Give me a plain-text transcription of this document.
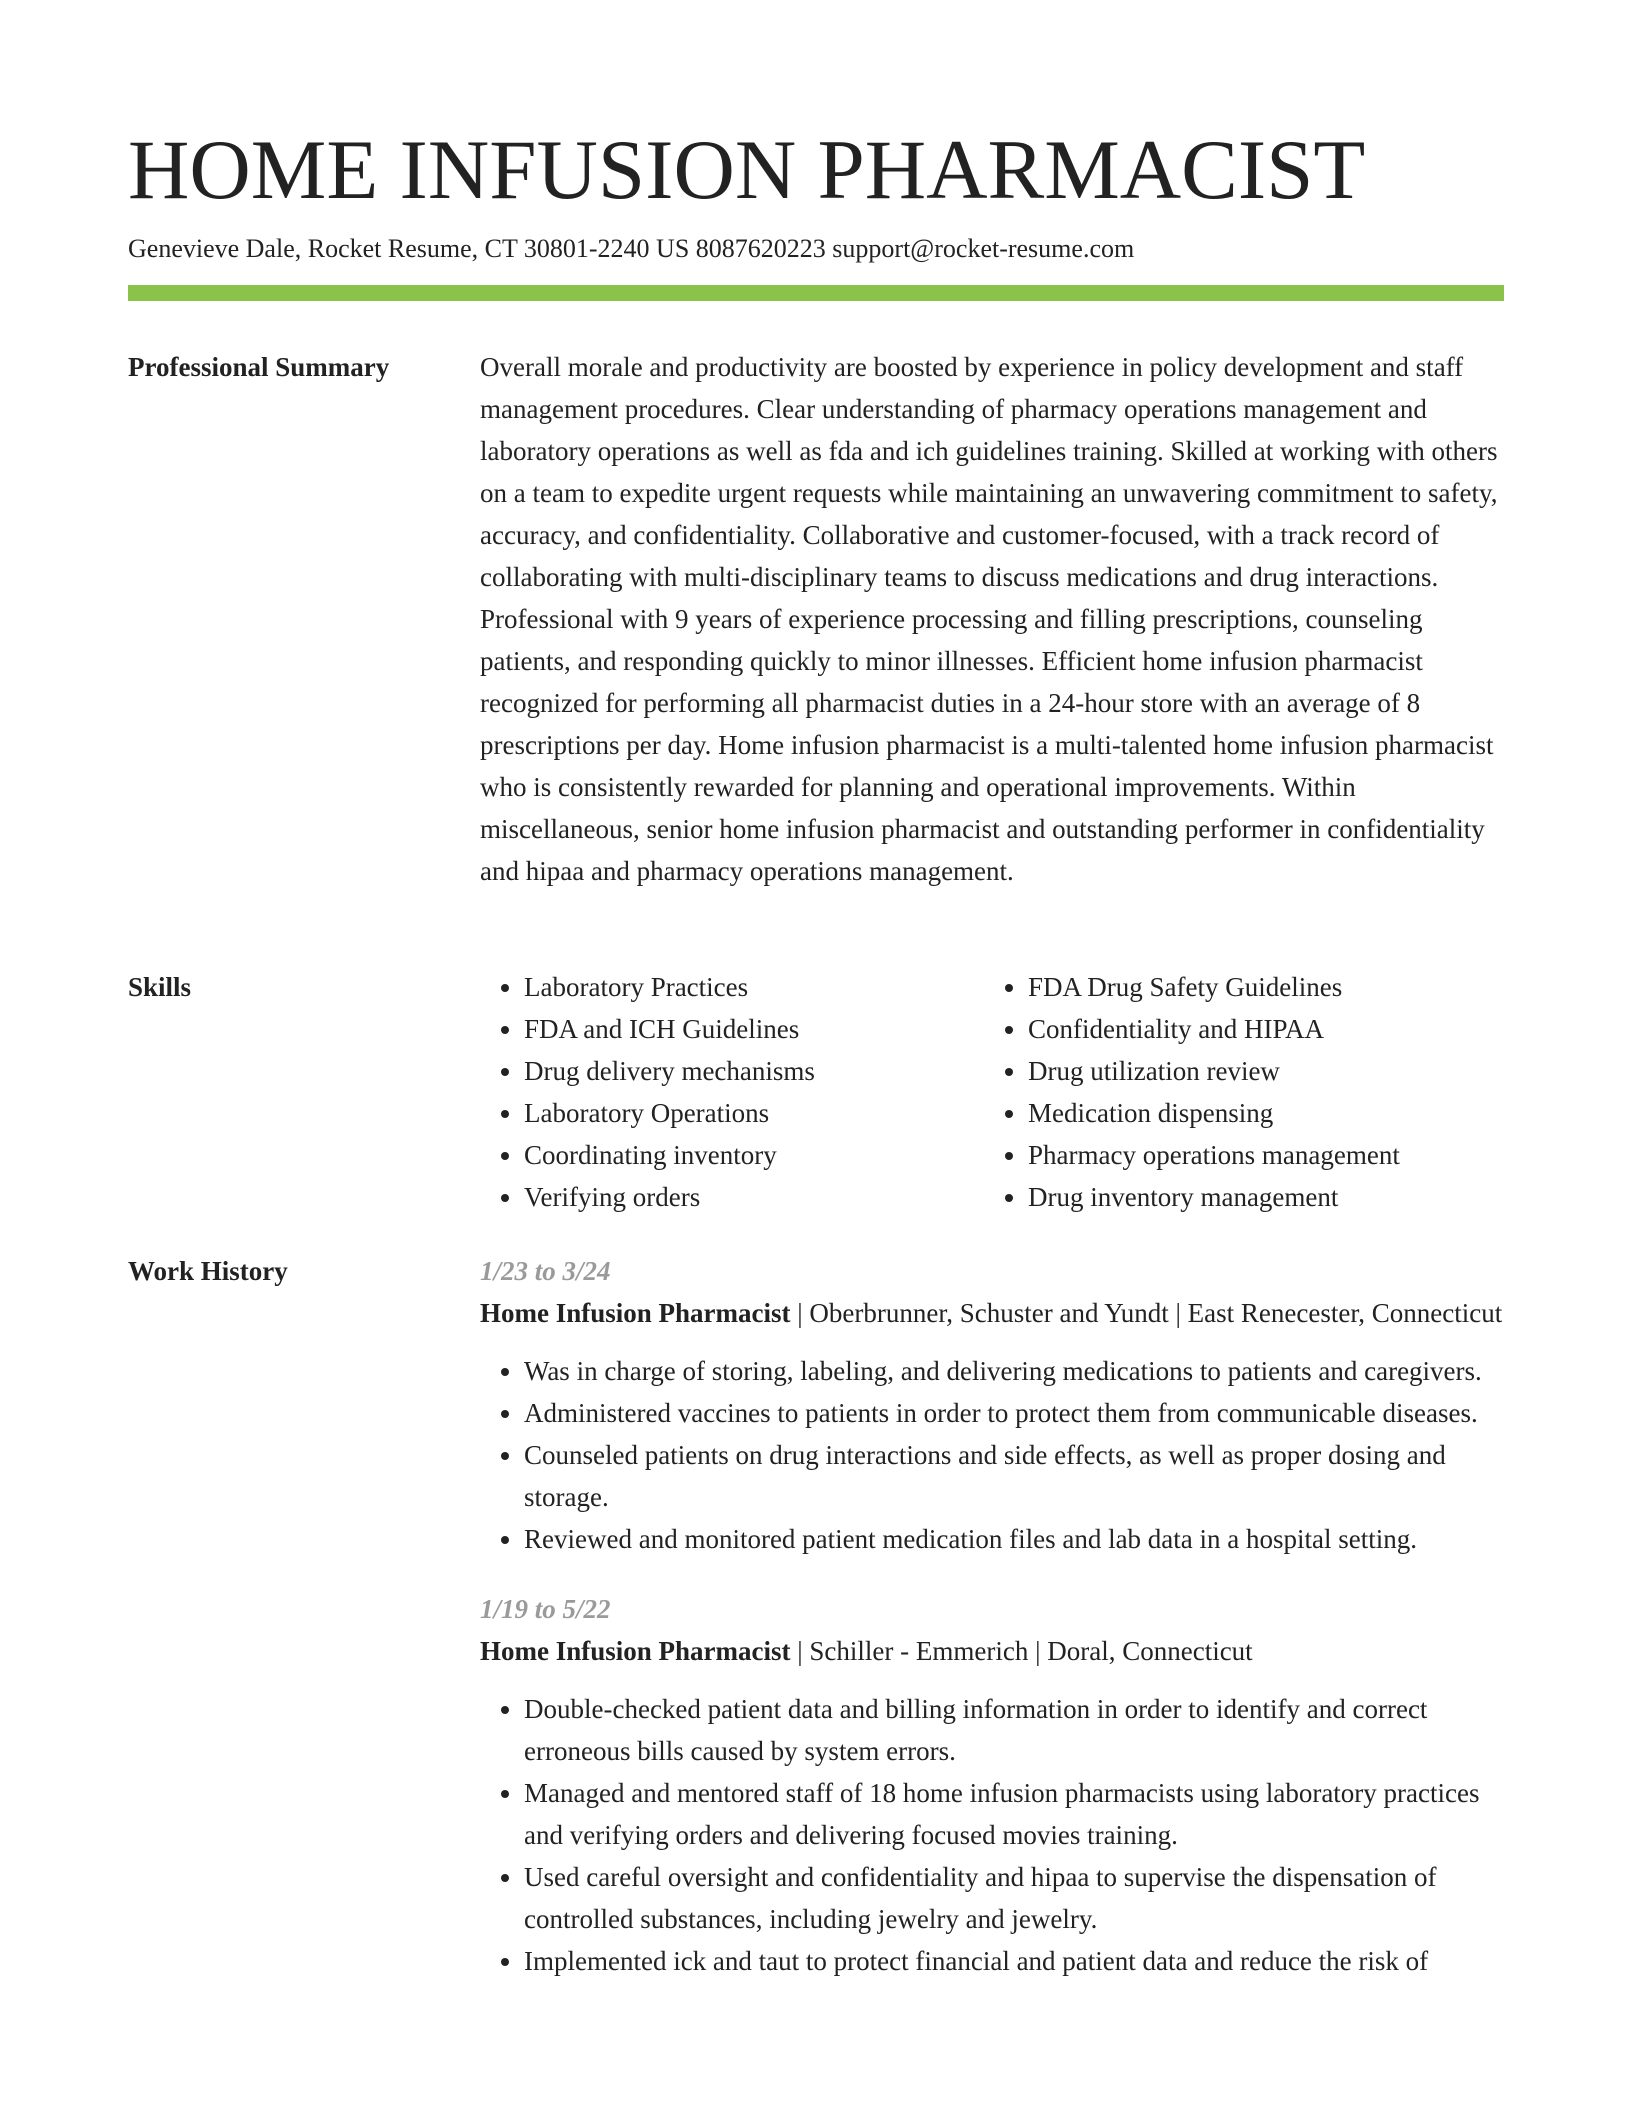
HOME INFUSION PHARMACIST
Genevieve Dale, Rocket Resume, CT 30801-2240 US 8087620223 support@rocket-resume.com
Professional Summary	Overall morale and productivity are boosted by experience in policy development and staff management procedures. Clear understanding of pharmacy operations management and laboratory operations as well as fda and ich guidelines training. Skilled at working with others on a team to expedite urgent requests while maintaining an unwavering commitment to safety, accuracy, and confidentiality. Collaborative and customer-focused, with a track record of collaborating with multi-disciplinary teams to discuss medications and drug interactions. Professional with 9 years of experience processing and filling prescriptions, counseling patients, and responding quickly to minor illnesses. Efficient home infusion pharmacist recognized for performing all pharmacist duties in a 24-hour store with an average of 8 prescriptions per day. Home infusion pharmacist is a multi-talented home infusion pharmacist who is consistently rewarded for planning and operational improvements. Within miscellaneous, senior home infusion pharmacist and outstanding performer in confidentiality and hipaa and pharmacy operations management.

Skills
•	Laboratory Practices
• FDA and ICH Guidelines
• Drug delivery mechanisms
• Laboratory Operations
• Coordinating inventory
• Verifying orders
• FDA Drug Safety Guidelines
• Confidentiality and HIPAA
• Drug utilization review
• Medication dispensing
• Pharmacy operations management
• Drug inventory management
Work History	1/23 to 3/24
Home Infusion Pharmacist | Oberbrunner, Schuster and Yundt | East Renecester, Connecticut
• Was in charge of storing, labeling, and delivering medications to patients and caregivers.
• Administered vaccines to patients in order to protect them from communicable diseases.
• Counseled patients on drug interactions and side effects, as well as proper dosing and storage.
• Reviewed and monitored patient medication files and lab data in a hospital setting.
1/19 to 5/22
Home Infusion Pharmacist | Schiller - Emmerich | Doral, Connecticut
• Double-checked patient data and billing information in order to identify and correct erroneous bills caused by system errors.
• Managed and mentored staff of 18 home infusion pharmacists using laboratory practices and verifying orders and delivering focused movies training.
• Used careful oversight and confidentiality and hipaa to supervise the dispensation of controlled substances, including jewelry and jewelry.
• Implemented ick and taut to protect financial and patient data and reduce the risk of
